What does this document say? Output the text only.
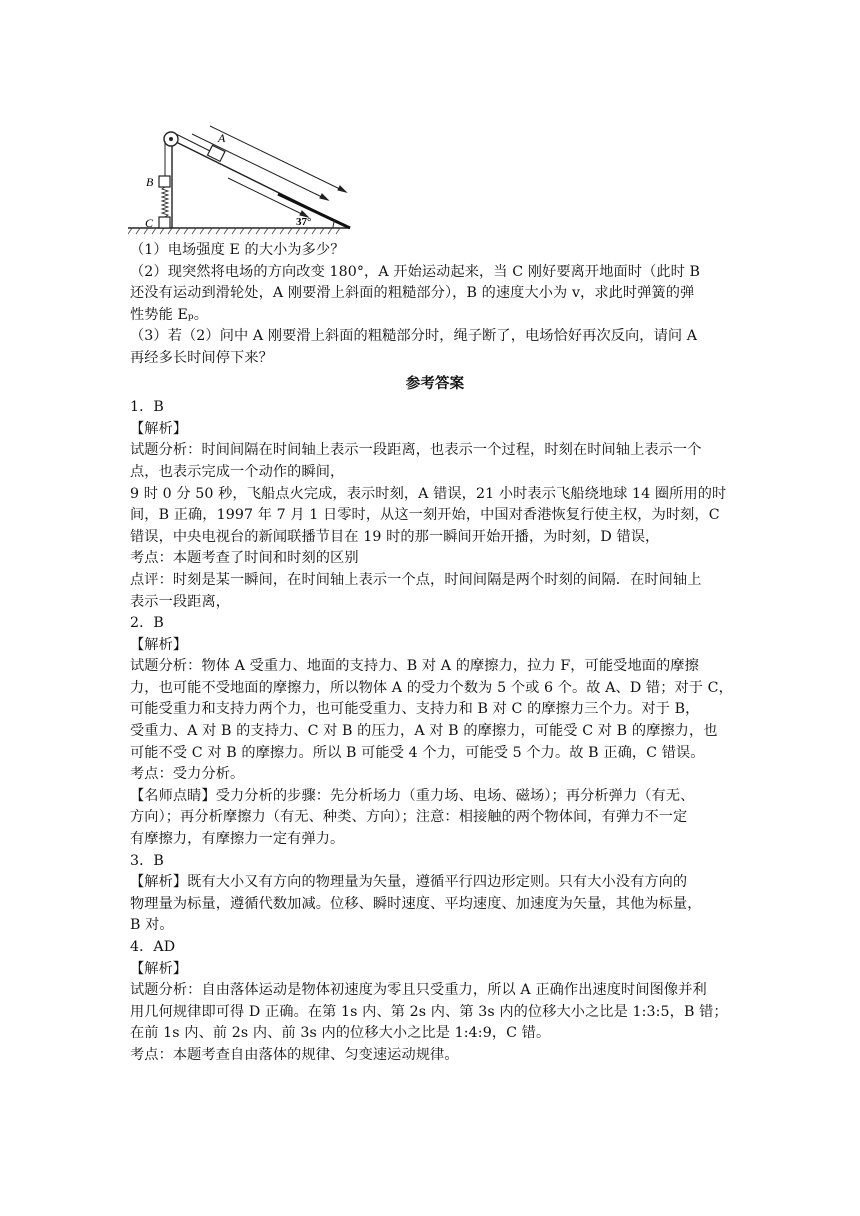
A
B
C	37°
（1）电场强度 E 的大小为多少？
（2）现突然将电场的方向改变 180°，A 开始运动起来，当 C 刚好要离开地面时（此时 B
还没有运动到滑轮处，A 刚要滑上斜面的粗糙部分），B 的速度大小为 v，求此时弹簧的弹
性势能 Eₚ。
（3）若（2）问中 A 刚要滑上斜面的粗糙部分时，绳子断了，电场恰好再次反向，请问 A
再经多长时间停下来？
参考答案
1．B
【解析】
试题分析：时间间隔在时间轴上表示一段距离，也表示一个过程，时刻在时间轴上表示一个
点，也表示完成一个动作的瞬间，
9 时 0 分 50 秒，飞船点火完成，表示时刻，A 错误，21 小时表示飞船绕地球 14 圈所用的时
间，B 正确，1997 年 7 月 1 日零时，从这一刻开始，中国对香港恢复行使主权，为时刻，C
错误，中央电视台的新闻联播节目在 19 时的那一瞬间开始开播，为时刻，D 错误，
考点：本题考查了时间和时刻的区别
点评：时刻是某一瞬间，在时间轴上表示一个点，时间间隔是两个时刻的间隔．在时间轴上
表示一段距离，
2．B
【解析】
试题分析：物体 A 受重力、地面的支持力、B 对 A 的摩擦力，拉力 F，可能受地面的摩擦
力，也可能不受地面的摩擦力，所以物体 A 的受力个数为 5 个或 6 个。故 A、D 错；对于 C，
可能受重力和支持力两个力，也可能受重力、支持力和 B 对 C 的摩擦力三个力。对于 B，
受重力、A 对 B 的支持力、C 对 B 的压力，A 对 B 的摩擦力，可能受 C 对 B 的摩擦力，也
可能不受 C 对 B 的摩擦力。所以 B 可能受 4 个力，可能受 5 个力。故 B 正确，C 错误。
考点：受力分析。
【名师点睛】受力分析的步骤：先分析场力（重力场、电场、磁场）；再分析弹力（有无、
方向）；再分析摩擦力（有无、种类、方向）；注意：相接触的两个物体间，有弹力不一定
有摩擦力，有摩擦力一定有弹力。
3．B
【解析】既有大小又有方向的物理量为矢量，遵循平行四边形定则。只有大小没有方向的
物理量为标量，遵循代数加减。位移、瞬时速度、平均速度、加速度为矢量，其他为标量，
B 对。
4．AD
【解析】
试题分析：自由落体运动是物体初速度为零且只受重力，所以 A 正确作出速度时间图像并利
用几何规律即可得 D 正确。在第 1s 内、第 2s 内、第 3s 内的位移大小之比是 1:3:5，B 错；
在前 1s 内、前 2s 内、前 3s 内的位移大小之比是 1:4:9，C 错。
考点：本题考查自由落体的规律、匀变速运动规律。
